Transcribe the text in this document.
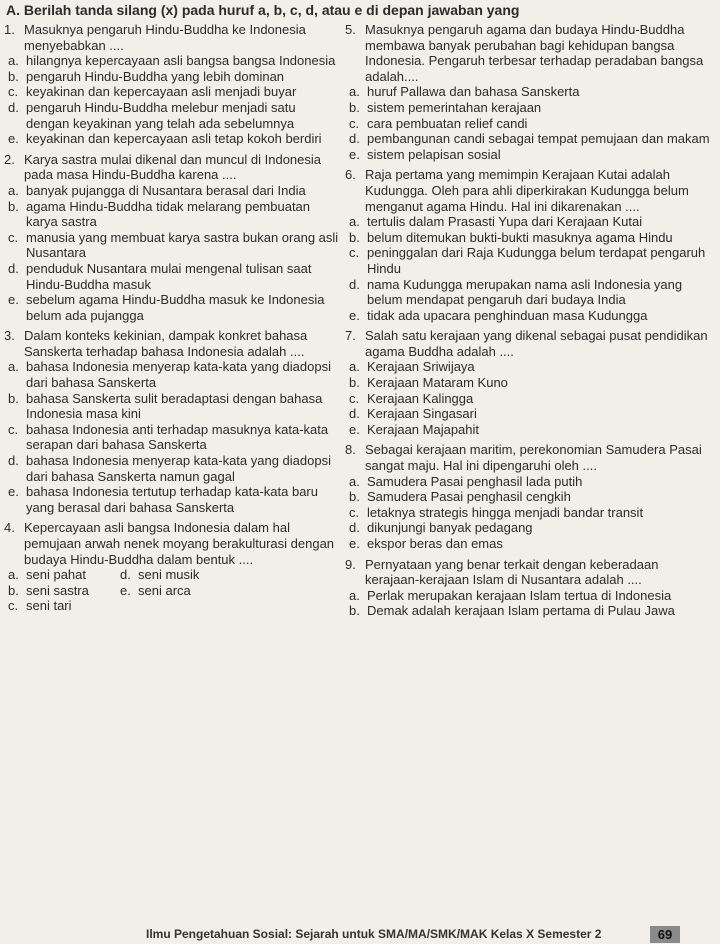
A. Berilah tanda silang (x) pada huruf a, b, c, d, atau e di depan jawaban yang
1. Masuknya pengaruh Hindu-Buddha ke Indonesia menyebabkan ....
a. hilangnya kepercayaan asli bangsa bangsa Indonesia
b. pengaruh Hindu-Buddha yang lebih dominan
c. keyakinan dan kepercayaan asli menjadi buyar
d. pengaruh Hindu-Buddha melebur menjadi satu dengan keyakinan yang telah ada sebelumnya
e. keyakinan dan kepercayaan asli tetap kokoh berdiri
2. Karya sastra mulai dikenal dan muncul di Indonesia pada masa Hindu-Buddha karena ....
a. banyak pujangga di Nusantara berasal dari India
b. agama Hindu-Buddha tidak melarang pembuatan karya sastra
c. manusia yang membuat karya sastra bukan orang asli Nusantara
d. penduduk Nusantara mulai mengenal tulisan saat Hindu-Buddha masuk
e. sebelum agama Hindu-Buddha masuk ke Indonesia belum ada pujangga
3. Dalam konteks kekinian, dampak konkret bahasa Sanskerta terhadap bahasa Indonesia adalah ....
a. bahasa Indonesia menyerap kata-kata yang diadopsi dari bahasa Sanskerta
b. bahasa Sanskerta sulit beradaptasi dengan bahasa Indonesia masa kini
c. bahasa Indonesia anti terhadap masuknya kata-kata serapan dari bahasa Sanskerta
d. bahasa Indonesia menyerap kata-kata yang diadopsi dari bahasa Sanskerta namun gagal
e. bahasa Indonesia tertutup terhadap kata-kata baru yang berasal dari bahasa Sanskerta
4. Kepercayaan asli bangsa Indonesia dalam hal pemujaan arwah nenek moyang berakulturasi dengan budaya Hindu-Buddha dalam bentuk ....
a. seni pahat	d. seni musik
b. seni sastra	e. seni arca
c. seni tari
5. Masuknya pengaruh agama dan budaya Hindu-Buddha membawa banyak perubahan bagi kehidupan bangsa Indonesia. Pengaruh terbesar terhadap peradaban bangsa adalah....
a. huruf Pallawa dan bahasa Sanskerta
b. sistem pemerintahan kerajaan
c. cara pembuatan relief candi
d. pembangunan candi sebagai tempat pemujaan dan makam
e. sistem pelapisan sosial
6. Raja pertama yang memimpin Kerajaan Kutai adalah Kudungga. Oleh para ahli diperkirakan Kudungga belum menganut agama Hindu. Hal ini dikarenakan ....
a. tertulis dalam Prasasti Yupa dari Kerajaan Kutai
b. belum ditemukan bukti-bukti masuknya agama Hindu
c. peninggalan dari Raja Kudungga belum terdapat pengaruh Hindu
d. nama Kudungga merupakan nama asli Indonesia yang belum mendapat pengaruh dari budaya India
e. tidak ada upacara penghinduan masa Kudungga
7. Salah satu kerajaan yang dikenal sebagai pusat pendidikan agama Buddha adalah ....
a. Kerajaan Sriwijaya
b. Kerajaan Mataram Kuno
c. Kerajaan Kalingga
d. Kerajaan Singasari
e. Kerajaan Majapahit
8. Sebagai kerajaan maritim, perekonomian Samudera Pasai sangat maju. Hal ini dipengaruhi oleh ....
a. Samudera Pasai penghasil lada putih
b. Samudera Pasai penghasil cengkih
c. letaknya strategis hingga menjadi bandar transit
d. dikunjungi banyak pedagang
e. ekspor beras dan emas
9. Pernyataan yang benar terkait dengan keberadaan kerajaan-kerajaan Islam di Nusantara adalah ....
a. Perlak merupakan kerajaan Islam tertua di Indonesia
b. Demak adalah kerajaan Islam pertama di Pulau Jawa
Ilmu Pengetahuan Sosial: Sejarah untuk SMA/MA/SMK/MAK Kelas X Semester 2	69
